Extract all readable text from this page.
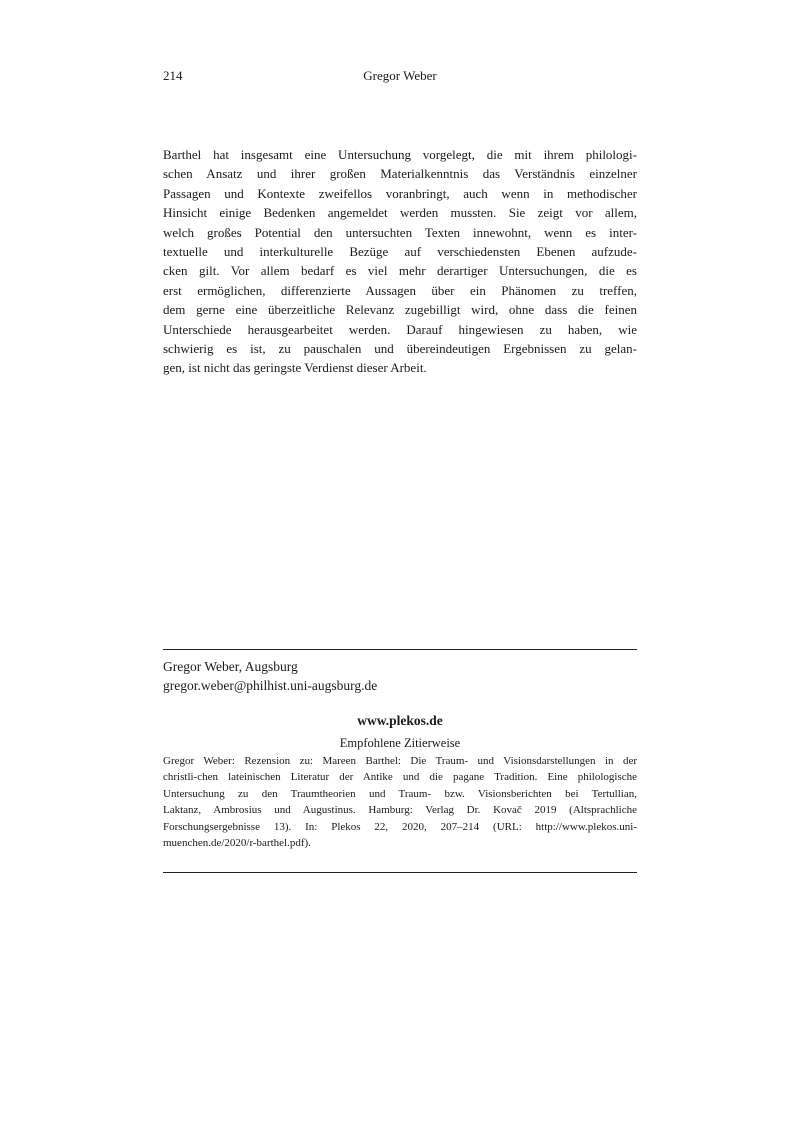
214	Gregor Weber
Barthel hat insgesamt eine Untersuchung vorgelegt, die mit ihrem philologi-
schen Ansatz und ihrer großen Materialkenntnis das Verständnis einzelner
Passagen und Kontexte zweifellos voranbringt, auch wenn in methodischer
Hinsicht einige Bedenken angemeldet werden mussten. Sie zeigt vor allem,
welch großes Potential den untersuchten Texten innewohnt, wenn es inter-
textuelle und interkulturelle Bezüge auf verschiedensten Ebenen aufzude-
cken gilt. Vor allem bedarf es viel mehr derartiger Untersuchungen, die es
erst ermöglichen, differenzierte Aussagen über ein Phänomen zu treffen,
dem gerne eine überzeitliche Relevanz zugebilligt wird, ohne dass die feinen
Unterschiede herausgearbeitet werden. Darauf hingewiesen zu haben, wie
schwierig es ist, zu pauschalen und übereindeutigen Ergebnissen zu gelan-
gen, ist nicht das geringste Verdienst dieser Arbeit.
Gregor Weber, Augsburg
gregor.weber@philhist.uni-augsburg.de
www.plekos.de
Empfohlene Zitierweise
Gregor Weber: Rezension zu: Mareen Barthel: Die Traum- und Visionsdarstellungen in der
christli-chen lateinischen Literatur der Antike und die pagane Tradition. Eine philologische
Untersuchung zu den Traumtheorien und Traum- bzw. Visionsberichten bei Tertullian,
Laktanz, Ambrosius und Augustinus. Hamburg: Verlag Dr. Kovač 2019 (Altsprachliche
Forschungsergebnisse 13). In: Plekos 22, 2020, 207–214 (URL: http://www.plekos.uni-
muenchen.de/2020/r-barthel.pdf).
